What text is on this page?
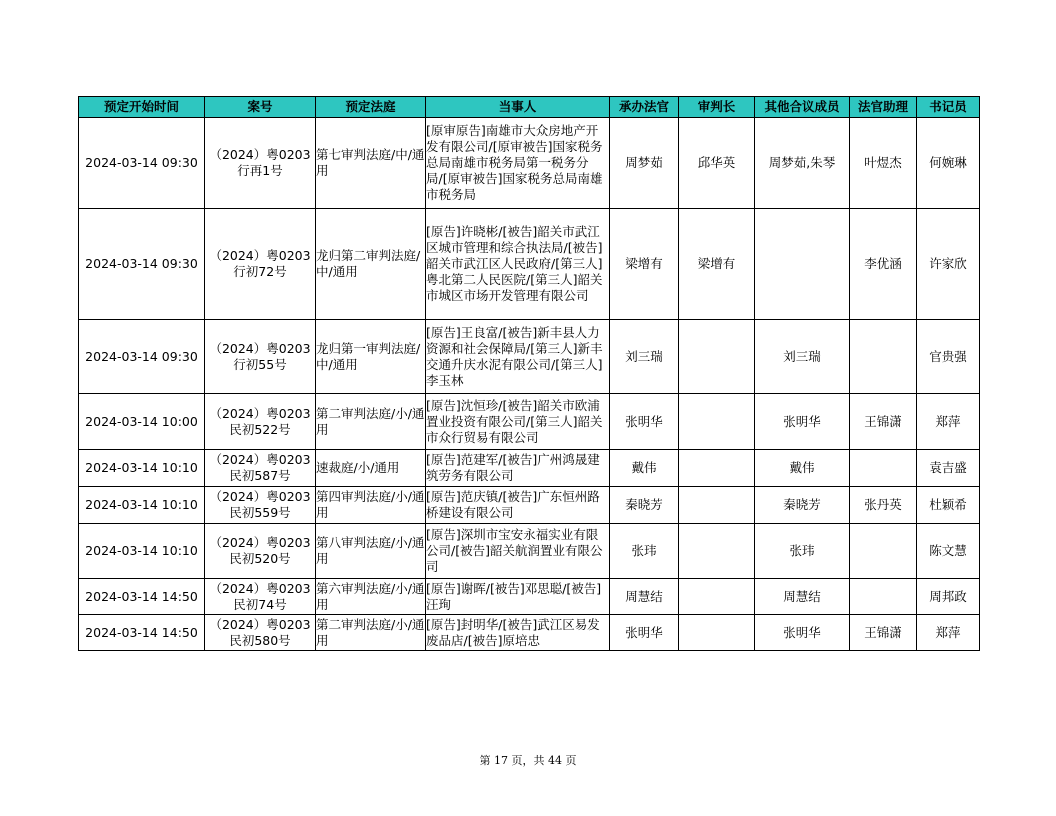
预定开始时间	案号	预定法庭	当事人	承办法官	审判长	其他合议成员	法官助理	书记员
2024-03-14 09:30	（2024）粤0203行再1号	第七审判法庭/中/通用	[原审原告]南雄市大众房地产开发有限公司/[原审被告]国家税务总局南雄市税务局第一税务分局/[原审被告]国家税务总局南雄市税务局	周梦茹	邱华英	周梦茹,朱琴	叶煜杰	何婉琳
2024-03-14 09:30	（2024）粤0203行初72号	龙归第二审判法庭/中/通用	[原告]许晓彬/[被告]韶关市武江区城市管理和综合执法局/[被告]韶关市武江区人民政府/[第三人]粤北第二人民医院/[第三人]韶关市城区市场开发管理有限公司	梁增有	梁增有		李优涵	许家欣
2024-03-14 09:30	（2024）粤0203行初55号	龙归第一审判法庭/中/通用	[原告]王良富/[被告]新丰县人力资源和社会保障局/[第三人]新丰交通升庆水泥有限公司/[第三人]李玉林	刘三瑞		刘三瑞		官贵强
2024-03-14 10:00	（2024）粤0203民初522号	第二审判法庭/小/通用	[原告]沈恒珍/[被告]韶关市欧浦置业投资有限公司/[第三人]韶关市众行贸易有限公司	张明华		张明华	王锦潇	郑萍
2024-03-14 10:10	（2024）粤0203民初587号	速裁庭/小/通用	[原告]范建军/[被告]广州鸿晟建筑劳务有限公司	戴伟		戴伟		袁吉盛
2024-03-14 10:10	（2024）粤0203民初559号	第四审判法庭/小/通用	[原告]范庆镇/[被告]广东恒州路桥建设有限公司	秦晓芳		秦晓芳	张丹英	杜颖希
2024-03-14 10:10	（2024）粤0203民初520号	第八审判法庭/小/通用	[原告]深圳市宝安永福实业有限公司/[被告]韶关航润置业有限公司	张玮		张玮		陈文慧
2024-03-14 14:50	（2024）粤0203民初74号	第六审判法庭/小/通用	[原告]谢晖/[被告]邓思聪/[被告]汪珣	周慧结		周慧结		周邦政
2024-03-14 14:50	（2024）粤0203民初580号	第二审判法庭/小/通用	[原告]封明华/[被告]武江区易发废品店/[被告]原培忠	张明华		张明华	王锦潇	郑萍
第 17 页，共 44 页
